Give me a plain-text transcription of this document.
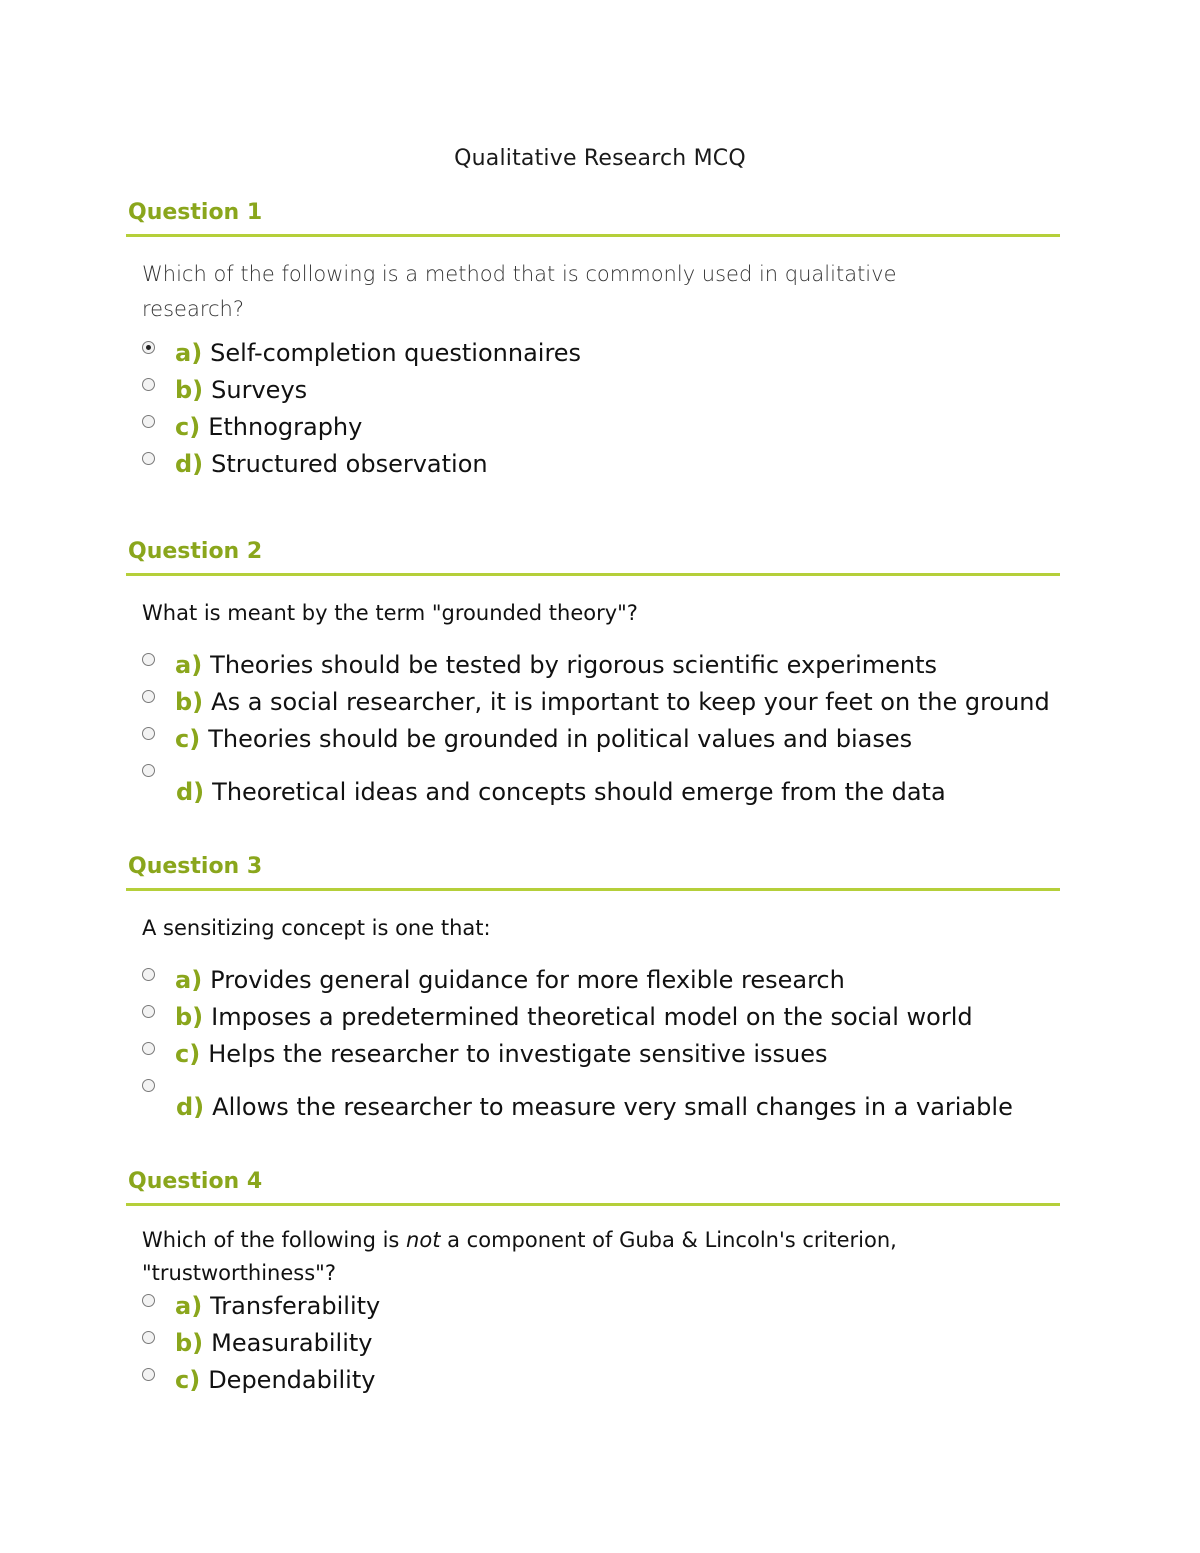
Qualitative Research MCQ
Question 1
Which of the following is a method that is commonly used in qualitative research?
a) Self-completion questionnaires
b) Surveys
c) Ethnography
d) Structured observation
Question 2
What is meant by the term "grounded theory"?
a) Theories should be tested by rigorous scientific experiments
b) As a social researcher, it is important to keep your feet on the ground
c) Theories should be grounded in political values and biases
d) Theoretical ideas and concepts should emerge from the data
Question 3
A sensitizing concept is one that:
a) Provides general guidance for more flexible research
b) Imposes a predetermined theoretical model on the social world
c) Helps the researcher to investigate sensitive issues
d) Allows the researcher to measure very small changes in a variable
Question 4
Which of the following is not a component of Guba & Lincoln's criterion, "trustworthiness"?
a) Transferability
b) Measurability
c) Dependability
